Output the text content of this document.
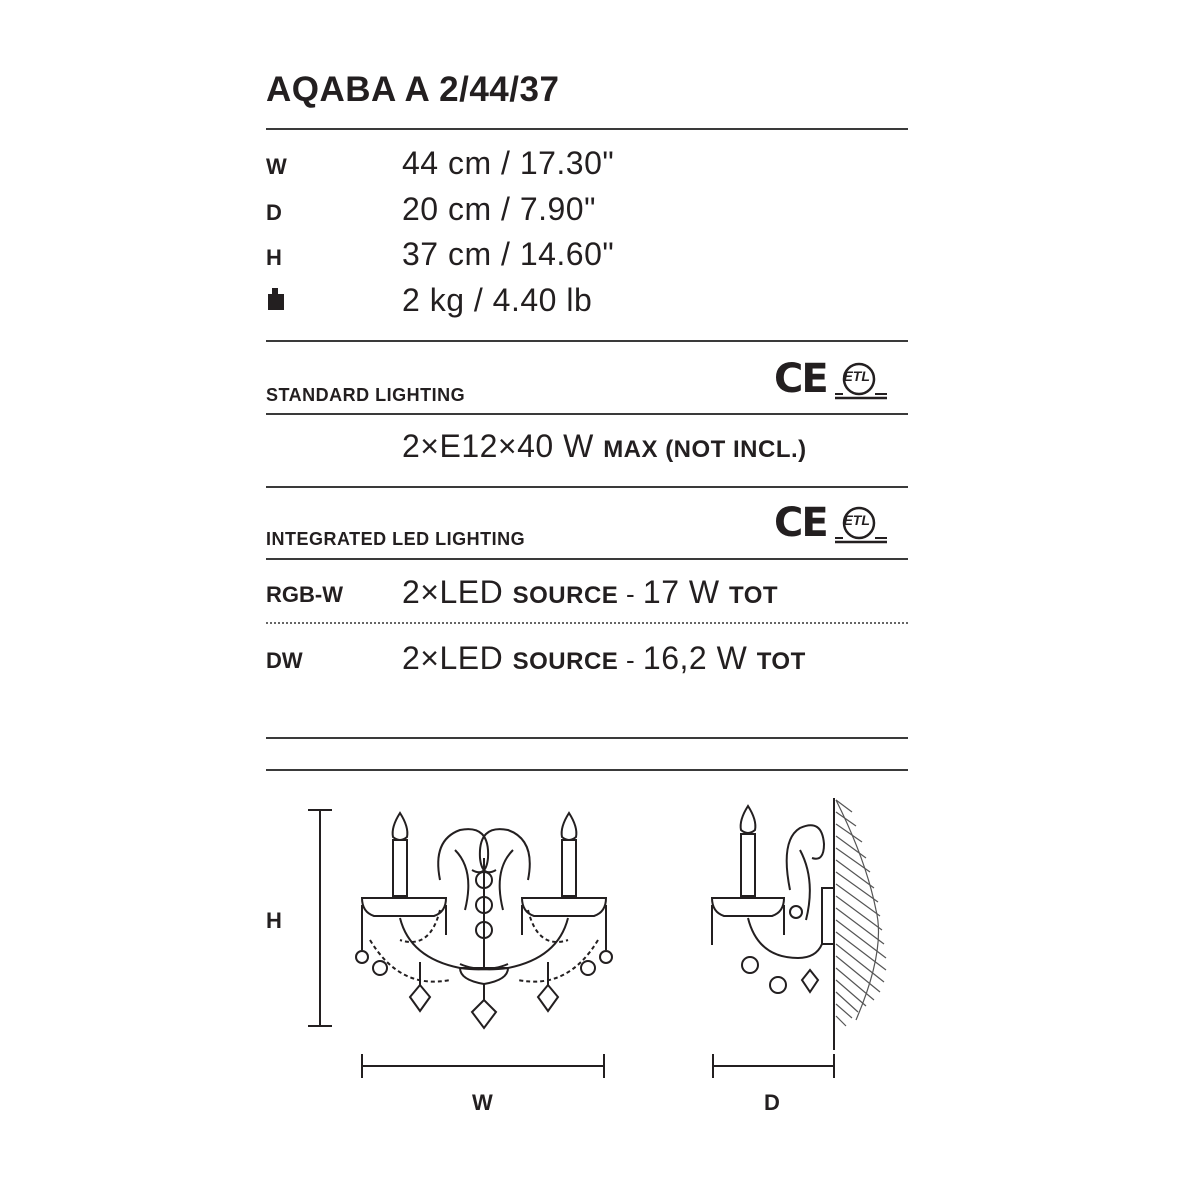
AQABA A 2/44/37
W	44 cm / 17.30"
D	20 cm / 7.90"
H	37 cm / 14.60"
2 kg / 4.40 lb
STANDARD LIGHTING	CE ETL
2×E12×40 W MAX (NOT INCL.)
INTEGRATED LED LIGHTING	CE ETL
RGB-W 2×LED SOURCE - 17 W TOT
DW	2×LED SOURCE - 16,2 W TOT
H
W	D
